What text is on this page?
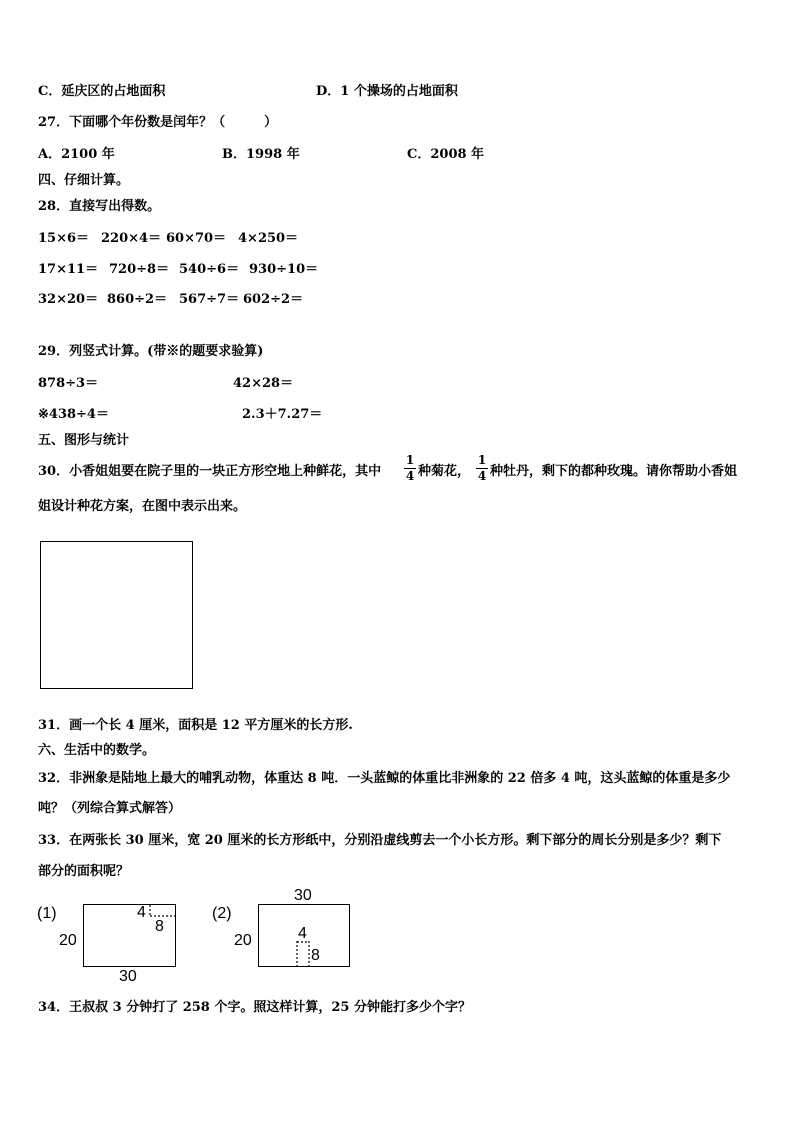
C．延庆区的占地面积	D．1 个操场的占地面积
27．下面哪个年份数是闰年？（　　　）
A．2100 年	B．1998 年	C．2008 年
四、仔细计算。
28．直接写出得数。
15×6＝ 220×4＝ 60×70＝ 4×250＝
17×11＝ 720÷8＝ 540÷6＝ 930÷10＝
32×20＝ 860÷2＝ 567÷7＝ 602÷2＝
29．列竖式计算。(带※的题要求验算)
878÷3＝	42×28＝
※438÷4＝	2.3＋7.27＝
五、图形与统计
30．小香姐姐要在院子里的一块正方形空地上种鲜花，其中
1
4 种菊花，
1
4 种牡丹，剩下的都种玫瑰。请你帮助小香姐
姐设计种花方案，在图中表示出来。
31．画一个长 4 厘米，面积是 12 平方厘米的长方形.
六、生活中的数学。
32．非洲象是陆地上最大的哺乳动物，体重达 8 吨．一头蓝鲸的体重比非洲象的 22 倍多 4 吨，这头蓝鲸的体重是多少
吨？（列综合算式解答）
33．在两张长 30 厘米，宽 20 厘米的长方形纸中，分别沿虚线剪去一个小长方形。剩下部分的周长分别是多少？剩下
部分的面积呢？
(1)	4
8
20
30
(2)
30
4
8
20
34．王叔叔 3 分钟打了 258 个字。照这样计算，25 分钟能打多少个字？
